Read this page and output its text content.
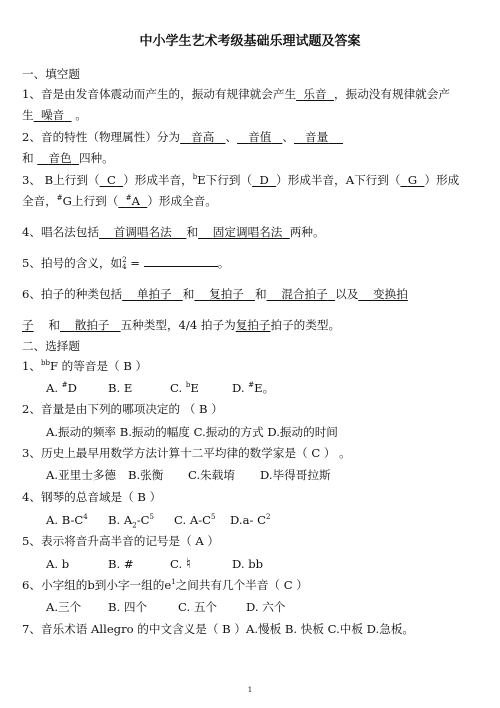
中小学生艺术考级基础乐理试题及答案
一、填空题
1、音是由发音体震动而产生的，振动有规律就会产生 乐音 ，振动没有规律就会产
生 噪音 。
2、音的特性（物理属性）分为 音高 、 音值 、 音量
和 音色 四种。
3、 B上行到（ C ）形成半音，$^b$E下行到（ D ）形成半音，A下行到（ G ）形成
全音，#G上行到（ #A ）形成全音。
4、唱名法包括 首调唱名法 和 固定调唱名法 两种。
5、拍号的含义，如2
4 =	。
6、拍子的种类包括 单拍子 和 复拍子 和 混合拍子 以及 变换拍
子 和 散拍子 五种类型，4/4 拍子为复拍子拍子的类型。
二、选择题
1、$^{bb}$F 的等音是（ B ）
A. #D	B. E	C. $^b$E	D. #E。
2、音量是由下列的哪项决定的 （ B ）
A.振动的频率 B.振动的幅度 C.振动的方式 D.振动的时间
3、历史上最早用数学方法计算十二平均律的数学家是（ C ） 。
A.亚里士多德 B.张衡 C.朱载堉 D.毕得哥拉斯
4、钢琴的总音域是（ B ）
A. $B-C^4$ B. $A_2-C^5$ C. $A-C^5$ D.a- $C^2$
5、表示将音升高半音的记号是（ A ）
A. b	B. #	C. ♮	D. bb
6、小字组的b到小字一组的$e^1$之间共有几个半音（ C ）
A.三个 B. 四个	C. 五个 D. 六个
7、音乐术语 Allegro 的中文含义是（ B ）A.慢板 B. 快板 C.中板 D.急板。
1
